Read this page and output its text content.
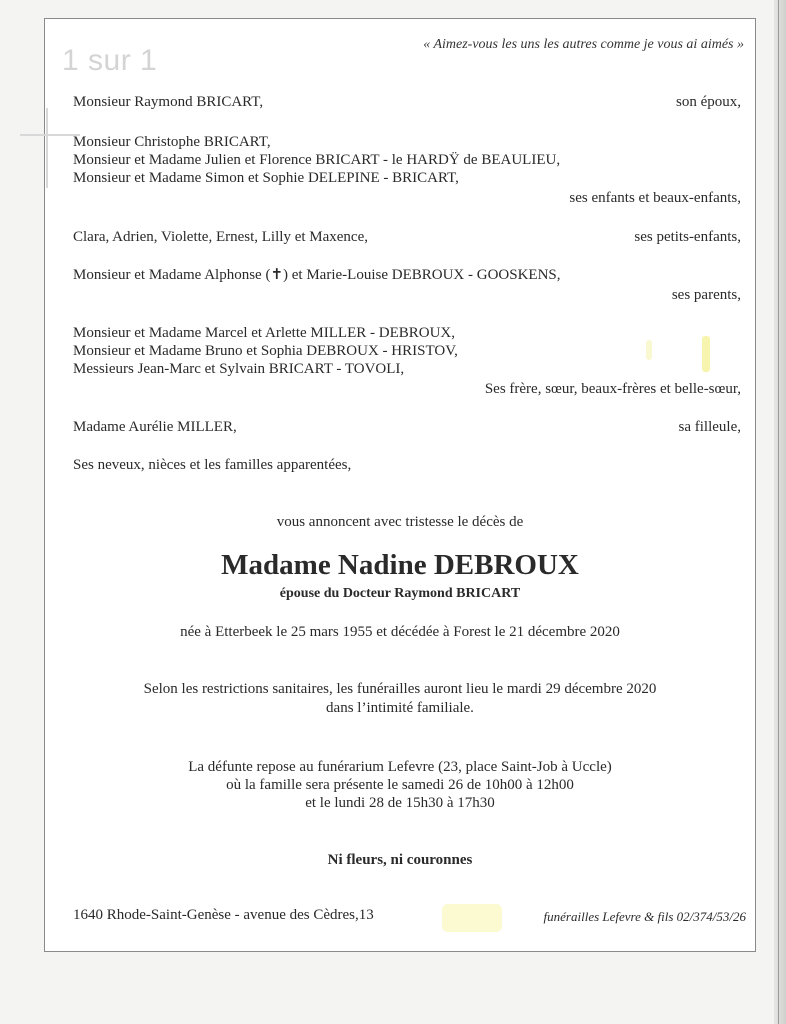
1 sur 1	« Aimez-vous les uns les autres comme je vous ai aimés »
Monsieur Raymond BRICART,	son époux,
Monsieur Christophe BRICART,
Monsieur et Madame Julien et Florence BRICART - le HARDŸ de BEAULIEU,
Monsieur et Madame Simon et Sophie DELEPINE - BRICART,
ses enfants et beaux-enfants,
Clara, Adrien, Violette, Ernest, Lilly et Maxence,	ses petits-enfants,
Monsieur et Madame Alphonse (✝) et Marie-Louise DEBROUX - GOOSKENS,
ses parents,
Monsieur et Madame Marcel et Arlette MILLER - DEBROUX,
Monsieur et Madame Bruno et Sophia DEBROUX - HRISTOV,
Messieurs Jean-Marc et Sylvain BRICART - TOVOLI,
Ses frère, sœur, beaux-frères et belle-sœur,
Madame Aurélie MILLER,	sa filleule,
Ses neveux, nièces et les familles apparentées,
vous annoncent avec tristesse le décès de
Madame Nadine DEBROUX
épouse du Docteur Raymond BRICART
née à Etterbeek le 25 mars 1955 et décédée à Forest le 21 décembre 2020
Selon les restrictions sanitaires, les funérailles auront lieu le mardi 29 décembre 2020
dans l’intimité familiale.
La défunte repose au funérarium Lefevre (23, place Saint-Job à Uccle)
où la famille sera présente le samedi 26 de 10h00 à 12h00
et le lundi 28 de 15h30 à 17h30
Ni fleurs, ni couronnes
1640 Rhode-Saint-Genèse - avenue des Cèdres,13	funérailles Lefevre & fils 02/374/53/26
